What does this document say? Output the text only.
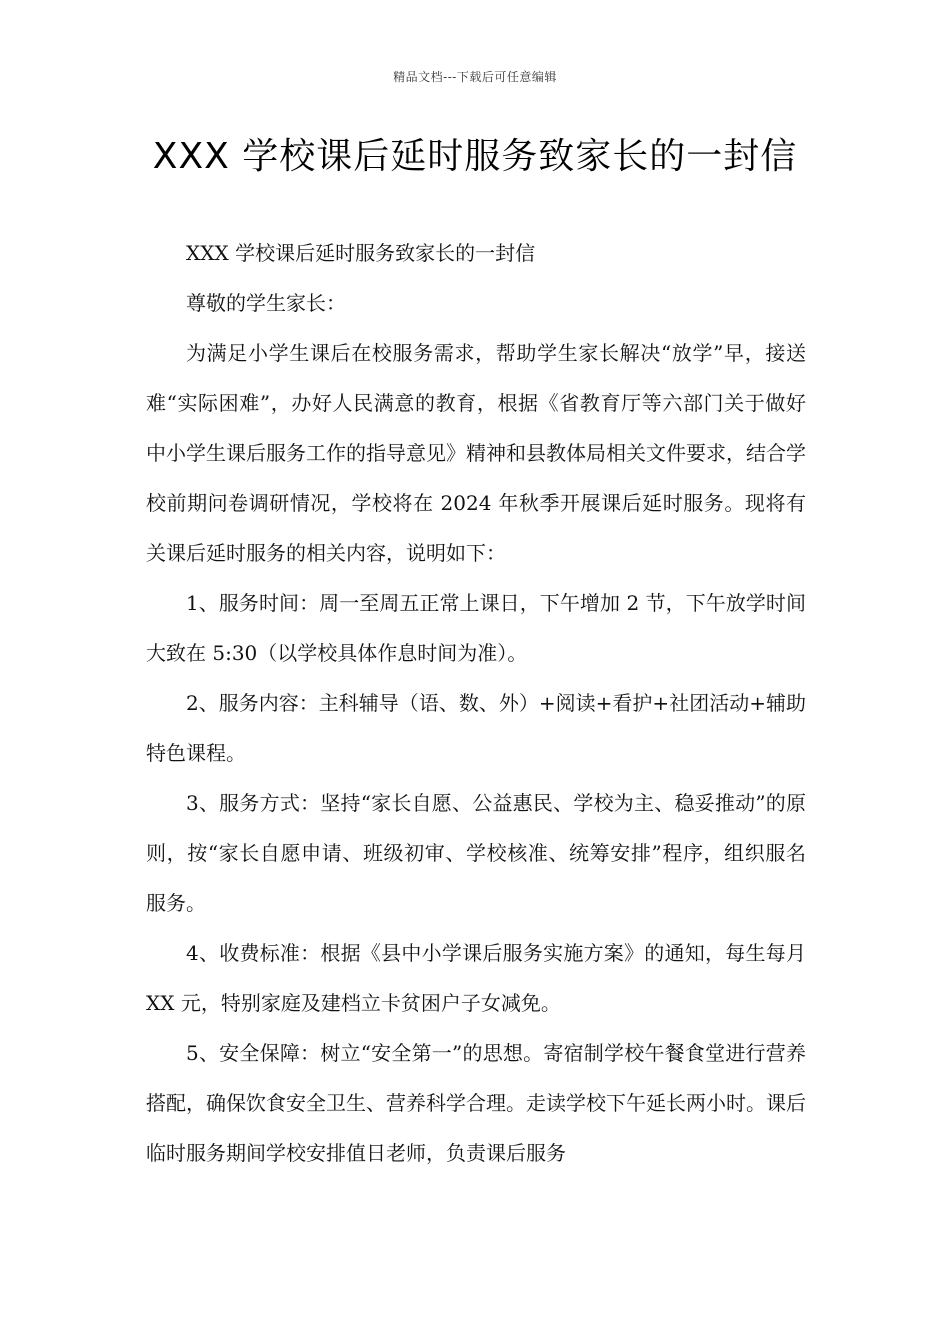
精品文档---下载后可任意编辑
XXX 学校课后延时服务致家长的一封信

XXX 学校课后延时服务致家长的一封信

尊敬的学生家长：

为满足小学生课后在校服务需求，帮助学生家长解决“放学”早，接送难“实际困难”，办好人民满意的教育，根据《省教育厅等六部门关于做好中小学生课后服务工作的指导意见》精神和县教体局相关文件要求，结合学校前期问卷调研情况，学校将在 2024 年秋季开展课后延时服务。现将有关课后延时服务的相关内容，说明如下：

1、服务时间：周一至周五正常上课日，下午增加 2 节，下午放学时间大致在 5:30（以学校具体作息时间为准）。

2、服务内容：主科辅导（语、数、外）+阅读+看护+社团活动+辅助特色课程。

3、服务方式：坚持“家长自愿、公益惠民、学校为主、稳妥推动”的原则，按“家长自愿申请、班级初审、学校核准、统筹安排”程序，组织服名服务。

4、收费标准：根据《县中小学课后服务实施方案》的通知，每生每月 XX 元，特别家庭及建档立卡贫困户子女减免。

5、安全保障：树立“安全第一”的思想。寄宿制学校午餐食堂进行营养搭配，确保饮食安全卫生、营养科学合理。走读学校下午延长两小时。课后临时服务期间学校安排值日老师，负责课后服务
